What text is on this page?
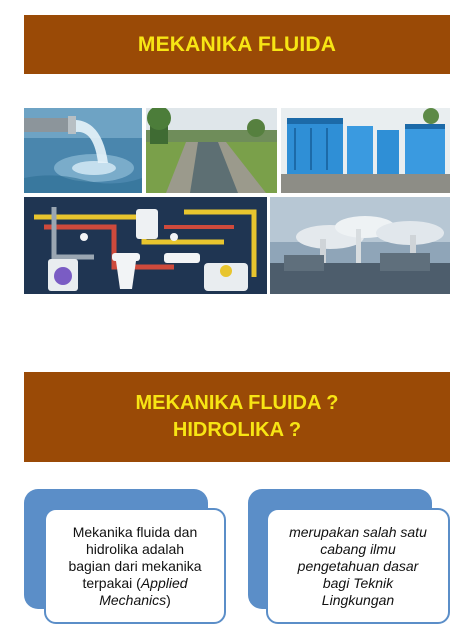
MEKANIKA FLUIDA
MEKANIKA FLUIDA ?
HIDROLIKA ?
Mekanika fluida dan
hidrolika adalah
bagian dari mekanika
terpakai (Applied
Mechanics)
merupakan salah satu
cabang ilmu
pengetahuan dasar
bagi Teknik
Lingkungan
